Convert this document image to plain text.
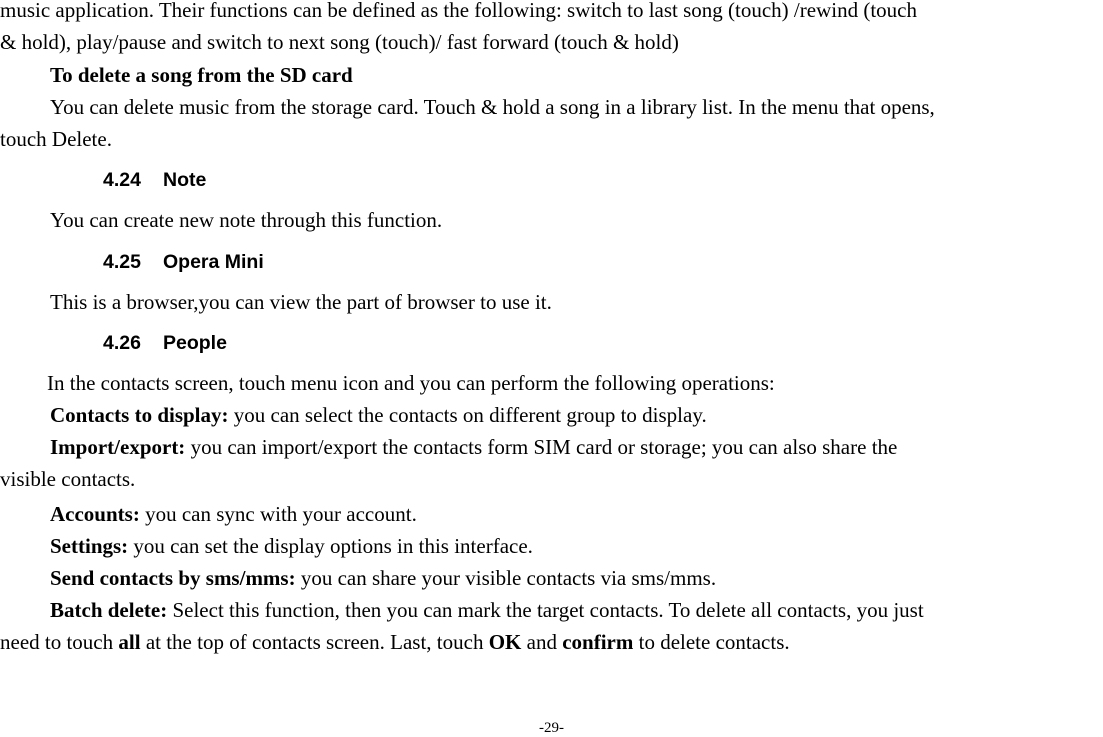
music application. Their functions can be defined as the following: switch to last song (touch) /rewind (touch
& hold), play/pause and switch to next song (touch)/ fast forward (touch & hold)
To delete a song from the SD card
You can delete music from the storage card. Touch & hold a song in a library list. In the menu that opens,
touch Delete.
4.24 Note
You can create new note through this function.
4.25 Opera Mini
This is a browser,you can view the part of browser to use it.
4.26 People
In the contacts screen, touch menu icon and you can perform the following operations:
Contacts to display: you can select the contacts on different group to display.
Import/export: you can import/export the contacts form SIM card or storage; you can also share the
visible contacts.
Accounts: you can sync with your account.
Settings: you can set the display options in this interface.
Send contacts by sms/mms: you can share your visible contacts via sms/mms.
Batch delete: Select this function, then you can mark the target contacts. To delete all contacts, you just
need to touch all at the top of contacts screen. Last, touch OK and confirm to delete contacts.
-29-
